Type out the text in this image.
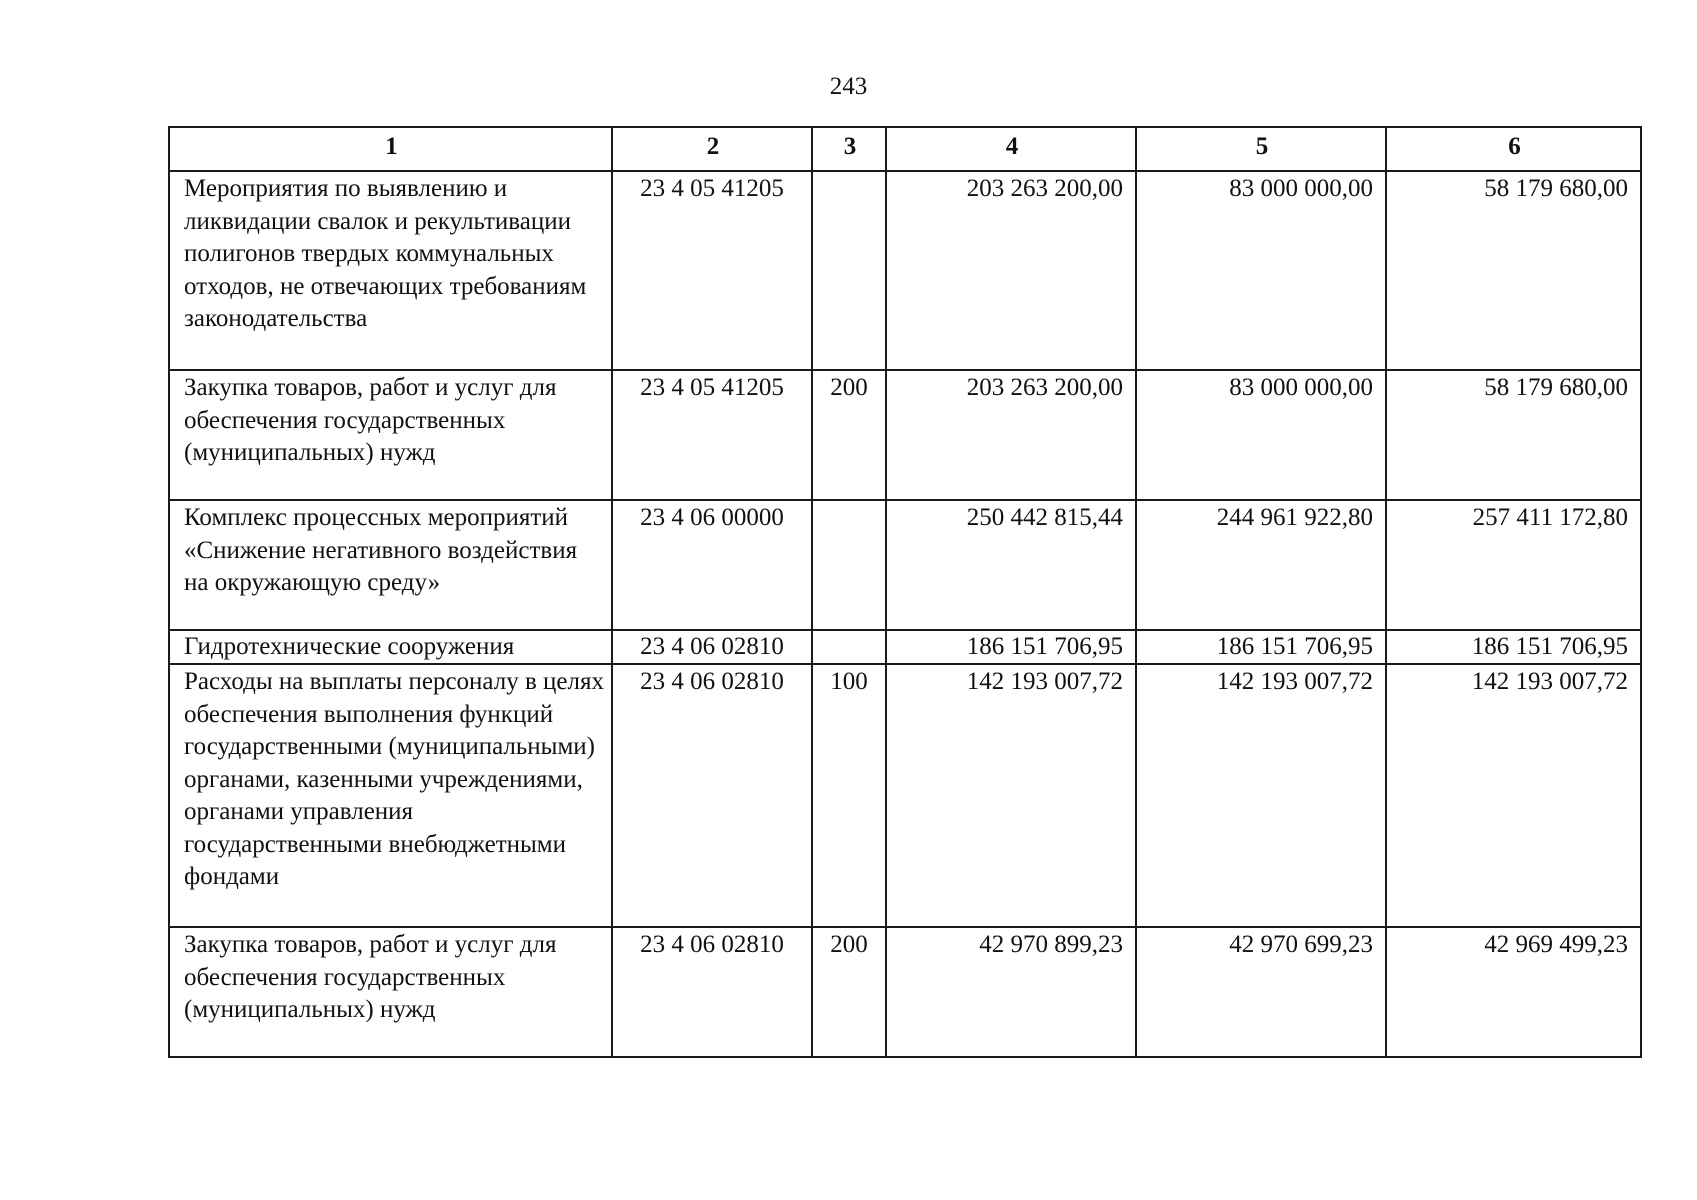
243
1	2	3	4	5	6
Мероприятия по выявлению и ликвидации свалок и рекультивации полигонов твердых коммунальных отходов, не отвечающих требованиям законодательства	23 4 05 41205		203 263 200,00	83 000 000,00	58 179 680,00
Закупка товаров, работ и услуг для обеспечения государственных (муниципальных) нужд	23 4 05 41205	200	203 263 200,00	83 000 000,00	58 179 680,00
Комплекс процессных мероприятий «Снижение негативного воздействия на окружающую среду»	23 4 06 00000		250 442 815,44	244 961 922,80	257 411 172,80
Гидротехнические сооружения	23 4 06 02810		186 151 706,95	186 151 706,95	186 151 706,95
Расходы на выплаты персоналу в целях обеспечения выполнения функций государственными (муниципальными) органами, казенными учреждениями, органами управления государственными внебюджетными фондами	23 4 06 02810	100	142 193 007,72	142 193 007,72	142 193 007,72
Закупка товаров, работ и услуг для обеспечения государственных (муниципальных) нужд	23 4 06 02810	200	42 970 899,23	42 970 699,23	42 969 499,23
